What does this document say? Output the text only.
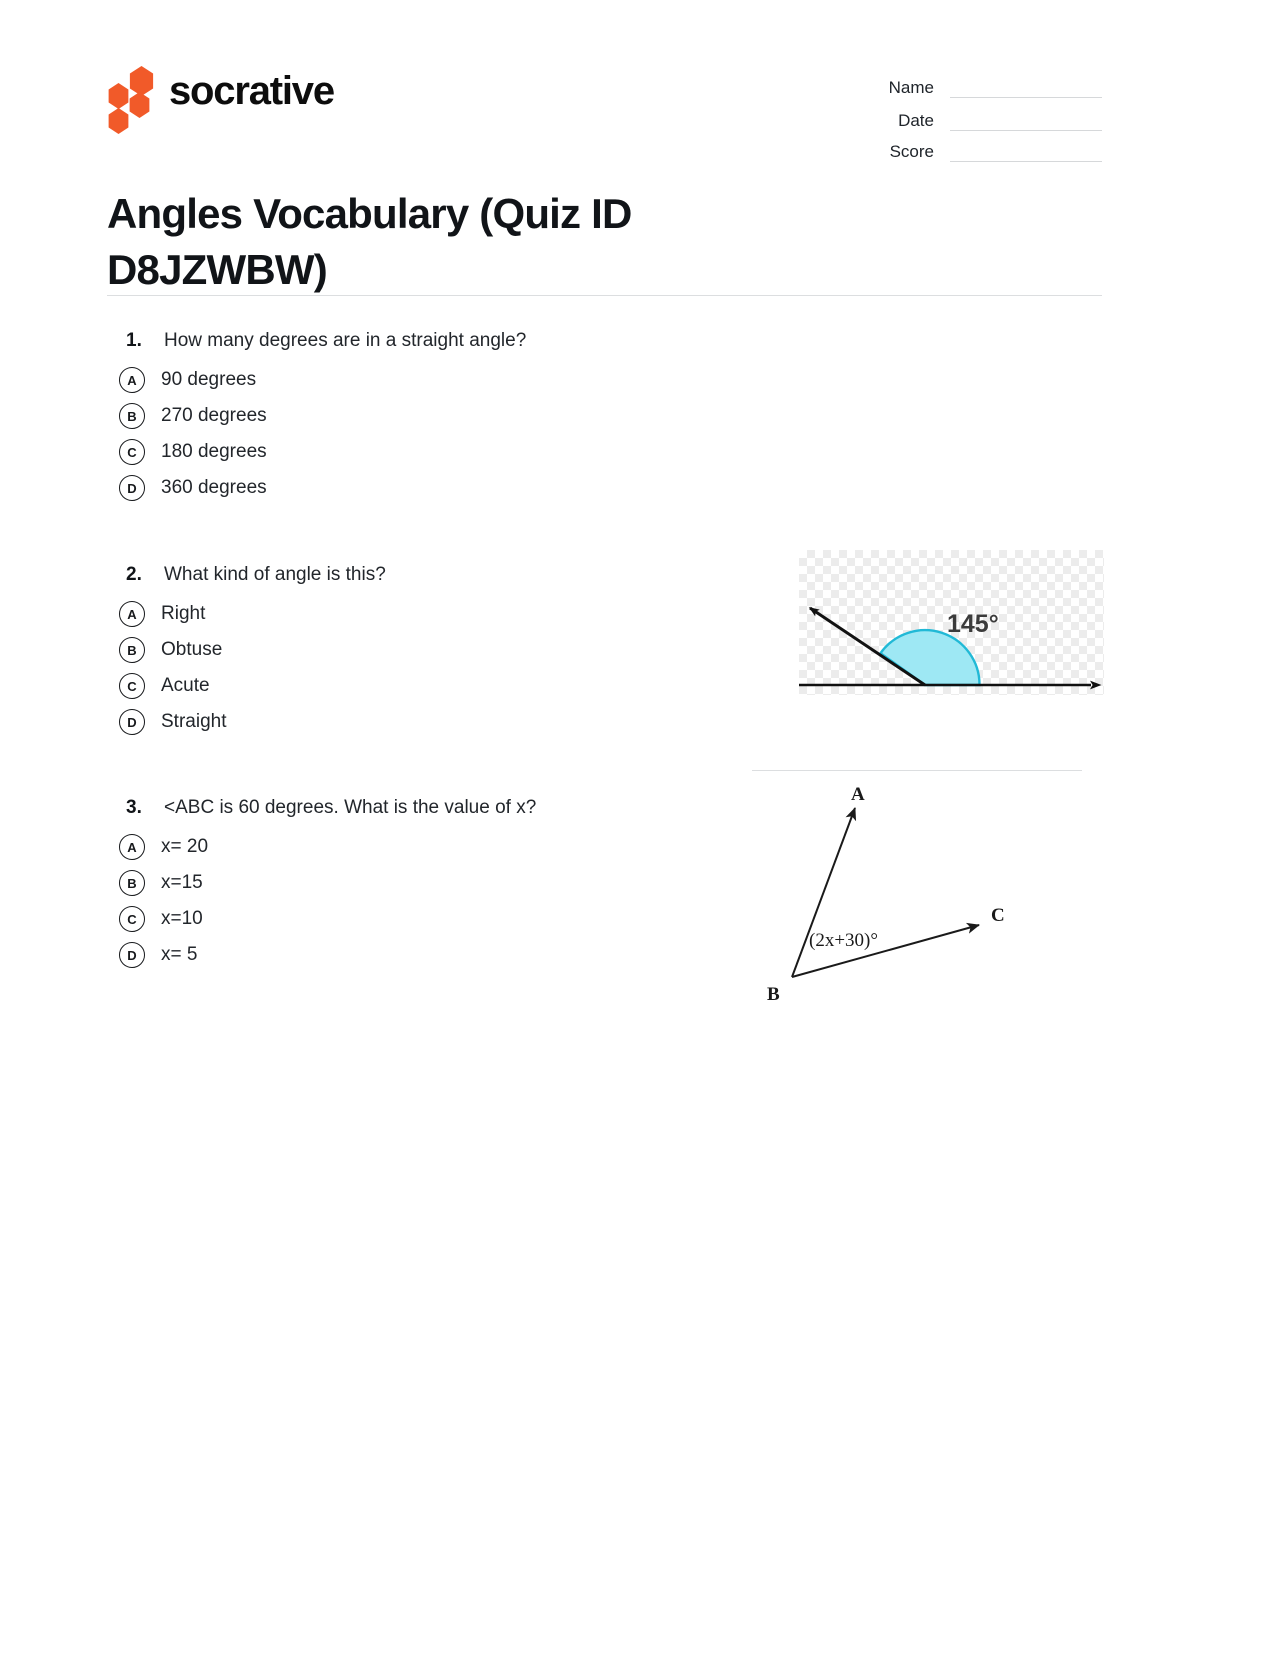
socrative	Name
Date
Score
Angles Vocabulary (Quiz ID D8JZWBW)
1. How many degrees are in a straight angle?
A	90 degrees
B	270 degrees
C	180 degrees
D	360 degrees
2. What kind of angle is this?
A	Right
B	Obtuse
C	Acute
D	Straight
145°
3. <ABC is 60 degrees. What is the value of x?
A	x= 20
B	x=15
C	x=10
D	x= 5
A
C
B
(2x+30)°
